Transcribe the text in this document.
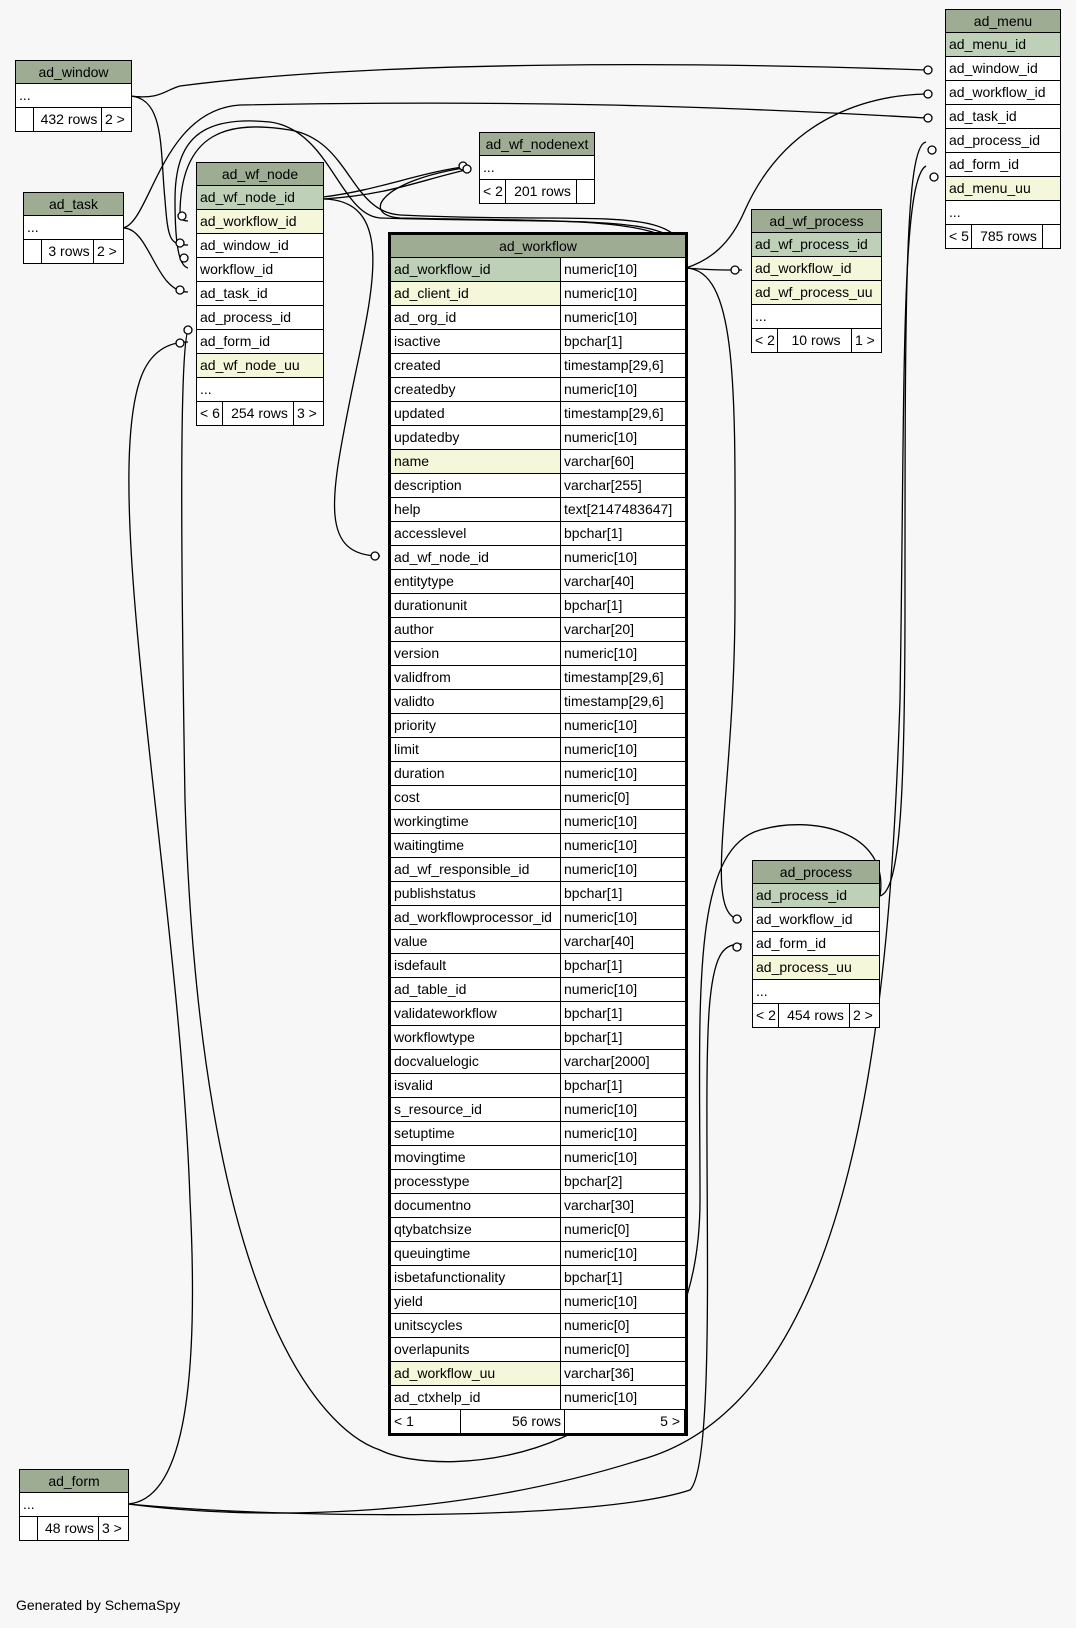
ad_window
...
432 rows 2 >
ad_task
...
3 rows 2 >
ad_form
...
48 rows 3 >
ad_wf_nodenext
...
< 2 201 rows
ad_wf_node
ad_wf_node_id
ad_workflow_id
ad_window_id
workflow_id
ad_task_id
ad_process_id
ad_form_id
ad_wf_node_uu
...
< 6 254 rows 3 >
ad_wf_process
ad_wf_process_id
ad_workflow_id
ad_wf_process_uu
...
< 2	10 rows	1 >
ad_menu
ad_menu_id
ad_window_id
ad_workflow_id
ad_task_id
ad_process_id
ad_form_id
ad_menu_uu
...
< 5 785 rows
ad_process
ad_process_id
ad_workflow_id
ad_form_id
ad_process_uu
...
< 2 454 rows 2 >
ad_workflow
ad_workflow_id	numeric[10]
ad_client_id	numeric[10]
ad_org_id	numeric[10]
isactive	bpchar[1]
created	timestamp[29,6]
createdby	numeric[10]
updated	timestamp[29,6]
updatedby	numeric[10]
name	varchar[60]
description	varchar[255]
help	text[2147483647]
accesslevel	bpchar[1]
ad_wf_node_id	numeric[10]
entitytype	varchar[40]
durationunit	bpchar[1]
author	varchar[20]
version	numeric[10]
validfrom	timestamp[29,6]
validto	timestamp[29,6]
priority	numeric[10]
limit	numeric[10]
duration	numeric[10]
cost	numeric[0]
workingtime	numeric[10]
waitingtime	numeric[10]
ad_wf_responsible_id	numeric[10]
publishstatus	bpchar[1]
ad_workflowprocessor_id numeric[10]
value	varchar[40]
isdefault	bpchar[1]
ad_table_id	numeric[10]
validateworkflow	bpchar[1]
workflowtype	bpchar[1]
docvaluelogic	varchar[2000]
isvalid	bpchar[1]
s_resource_id	numeric[10]
setuptime	numeric[10]
movingtime	numeric[10]
processtype	bpchar[2]
documentno	varchar[30]
qtybatchsize	numeric[0]
queuingtime	numeric[10]
isbetafunctionality	bpchar[1]
yield	numeric[10]
unitscycles	numeric[0]
overlapunits	numeric[0]
ad_workflow_uu	varchar[36]
ad_ctxhelp_id	numeric[10]
< 1	56 rows	5 >
Generated by SchemaSpy
